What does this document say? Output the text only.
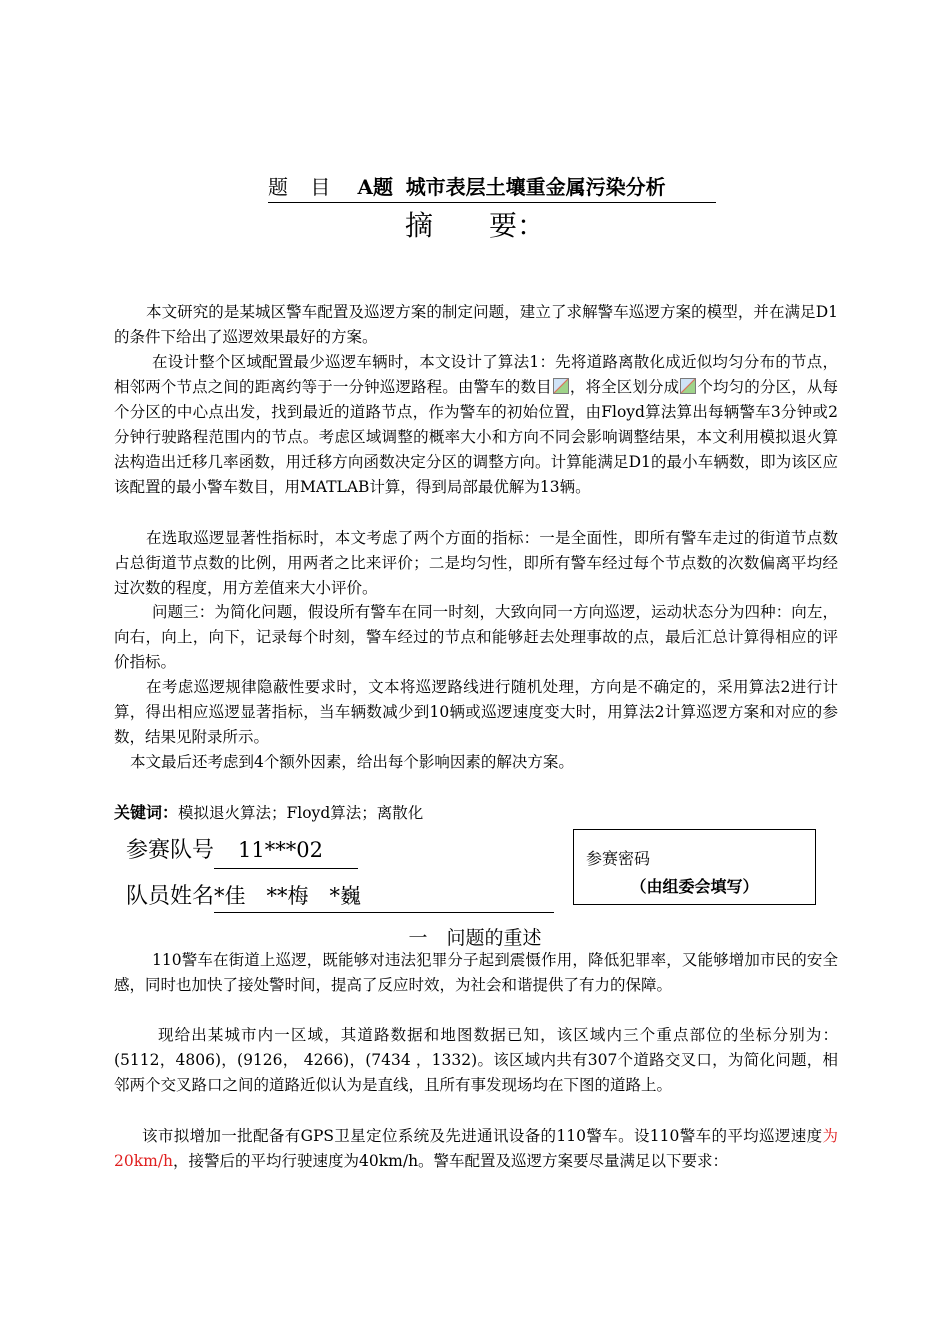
题 目 A题 城市表层土壤重金属污染分析
摘　　要：

本文研究的是某城区警车配置及巡逻方案的制定问题，建立了求解警车巡逻方案的模型，并在满足D1的条件下给出了巡逻效果最好的方案。

在设计整个区域配置最少巡逻车辆时，本文设计了算法1：先将道路离散化成近似均匀分布的节点，相邻两个节点之间的距离约等于一分钟巡逻路程。由警车的数目 ，将全区划分成 个均匀的分区，从每个分区的中心点出发，找到最近的道路节点，作为警车的初始位置，由Floyd算法算出每辆警车3分钟或2分钟行驶路程范围内的节点。考虑区域调整的概率大小和方向不同会影响调整结果，本文利用模拟退火算法构造出迁移几率函数，用迁移方向函数决定分区的调整方向。计算能满足D1的最小车辆数，即为该区应该配置的最小警车数目，用MATLAB计算，得到局部最优解为13辆。

在选取巡逻显著性指标时，本文考虑了两个方面的指标：一是全面性，即所有警车走过的街道节点数占总街道节点数的比例，用两者之比来评价；二是均匀性，即所有警车经过每个节点数的次数偏离平均经过次数的程度，用方差值来大小评价。

问题三：为简化问题，假设所有警车在同一时刻，大致向同一方向巡逻，运动状态分为四种：向左，向右，向上，向下，记录每个时刻，警车经过的节点和能够赶去处理事故的点，最后汇总计算得相应的评价指标。

在考虑巡逻规律隐蔽性要求时，文本将巡逻路线进行随机处理，方向是不确定的，采用算法2进行计算，得出相应巡逻显著指标，当车辆数减少到10辆或巡逻速度变大时，用算法2计算巡逻方案和对应的参数，结果见附录所示。

本文最后还考虑到4个额外因素，给出每个影响因素的解决方案。

关键词：模拟退火算法；Floyd算法；离散化
参赛队号 11***02
队员姓名*佳　**梅　*巍
参赛密码
（由组委会填写）
一　问题的重述

110警车在街道上巡逻，既能够对违法犯罪分子起到震慑作用，降低犯罪率，又能够增加市民的安全感，同时也加快了接处警时间，提高了反应时效，为社会和谐提供了有力的保障。

现给出某城市内一区域，其道路数据和地图数据已知，该区域内三个重点部位的坐标分别为：(5112，4806)，(9126， 4266)，(7434 ，1332)。该区域内共有307个道路交叉口，为简化问题，相邻两个交叉路口之间的道路近似认为是直线，且所有事发现场均在下图的道路上。

该市拟增加一批配备有GPS卫星定位系统及先进通讯设备的110警车。设110警车的平均巡逻速度为20km/h，接警后的平均行驶速度为40km/h。警车配置及巡逻方案要尽量满足以下要求：
